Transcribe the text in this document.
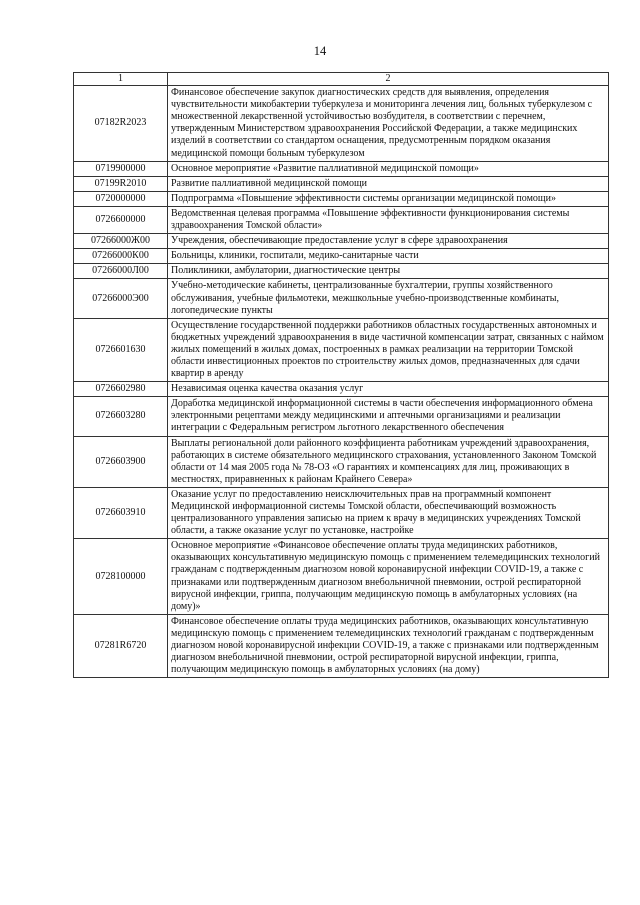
14
1	2
07182R2023	Финансовое обеспечение закупок диагностических средств для выявления, определения чувствительности микобактерии туберкулеза и мониторинга лечения лиц, больных туберкулезом с множественной лекарственной устойчивостью возбудителя, в соответствии с перечнем, утвержденным Министерством здравоохранения Российской Федерации, а также медицинских изделий в соответствии со стандартом оснащения, предусмотренным порядком оказания медицинской помощи больным туберкулезом
0719900000	Основное мероприятие «Развитие паллиативной медицинской помощи»
07199R2010	Развитие паллиативной медицинской помощи
0720000000	Подпрограмма «Повышение эффективности системы организации медицинской помощи»
0726600000	Ведомственная целевая программа «Повышение эффективности функционирования системы здравоохранения Томской области»
07266000Ж00	Учреждения, обеспечивающие предоставление услуг в сфере здравоохранения
07266000К00	Больницы, клиники, госпитали, медико-санитарные части
07266000Л00	Поликлиники, амбулатории, диагностические центры
07266000Э00	Учебно-методические кабинеты, централизованные бухгалтерии, группы хозяйственного обслуживания, учебные фильмотеки, межшкольные учебно-производственные комбинаты, логопедические пункты
0726601630	Осуществление государственной поддержки работников областных государственных автономных и бюджетных учреждений здравоохранения в виде частичной компенсации затрат, связанных с наймом жилых помещений в жилых домах, построенных в рамках реализации на территории Томской области инвестиционных проектов по строительству жилых домов, предназначенных для сдачи квартир в аренду
0726602980	Независимая оценка качества оказания услуг
0726603280	Доработка медицинской информационной системы в части обеспечения информационного обмена электронными рецептами между медицинскими и аптечными организациями и реализации интеграции с Федеральным регистром льготного лекарственного обеспечения
0726603900	Выплаты региональной доли районного коэффициента работникам учреждений здравоохранения, работающих в системе обязательного медицинского страхования, установленного Законом Томской области от 14 мая 2005 года № 78-ОЗ «О гарантиях и компенсациях для лиц, проживающих в местностях, приравненных к районам Крайнего Севера»
0726603910	Оказание услуг по предоставлению неисключительных прав на программный компонент Медицинской информационной системы Томской области, обеспечивающий возможность централизованного управления записью на прием к врачу в медицинских учреждениях Томской области, а также оказание услуг по установке, настройке
0728100000	Основное мероприятие «Финансовое обеспечение оплаты труда медицинских работников, оказывающих консультативную медицинскую помощь с применением телемедицинских технологий гражданам с подтвержденным диагнозом новой коронавирусной инфекции COVID-19, а также с признаками или подтвержденным диагнозом внебольничной пневмонии, острой респираторной вирусной инфекции, гриппа, получающим медицинскую помощь в амбулаторных условиях (на дому)»
07281R6720	Финансовое обеспечение оплаты труда медицинских работников, оказывающих консультативную медицинскую помощь с применением телемедицинских технологий гражданам с подтвержденным диагнозом новой коронавирусной инфекции COVID-19, а также с признаками или подтвержденным диагнозом внебольничной пневмонии, острой респираторной вирусной инфекции, гриппа, получающим медицинскую помощь в амбулаторных условиях (на дому)
